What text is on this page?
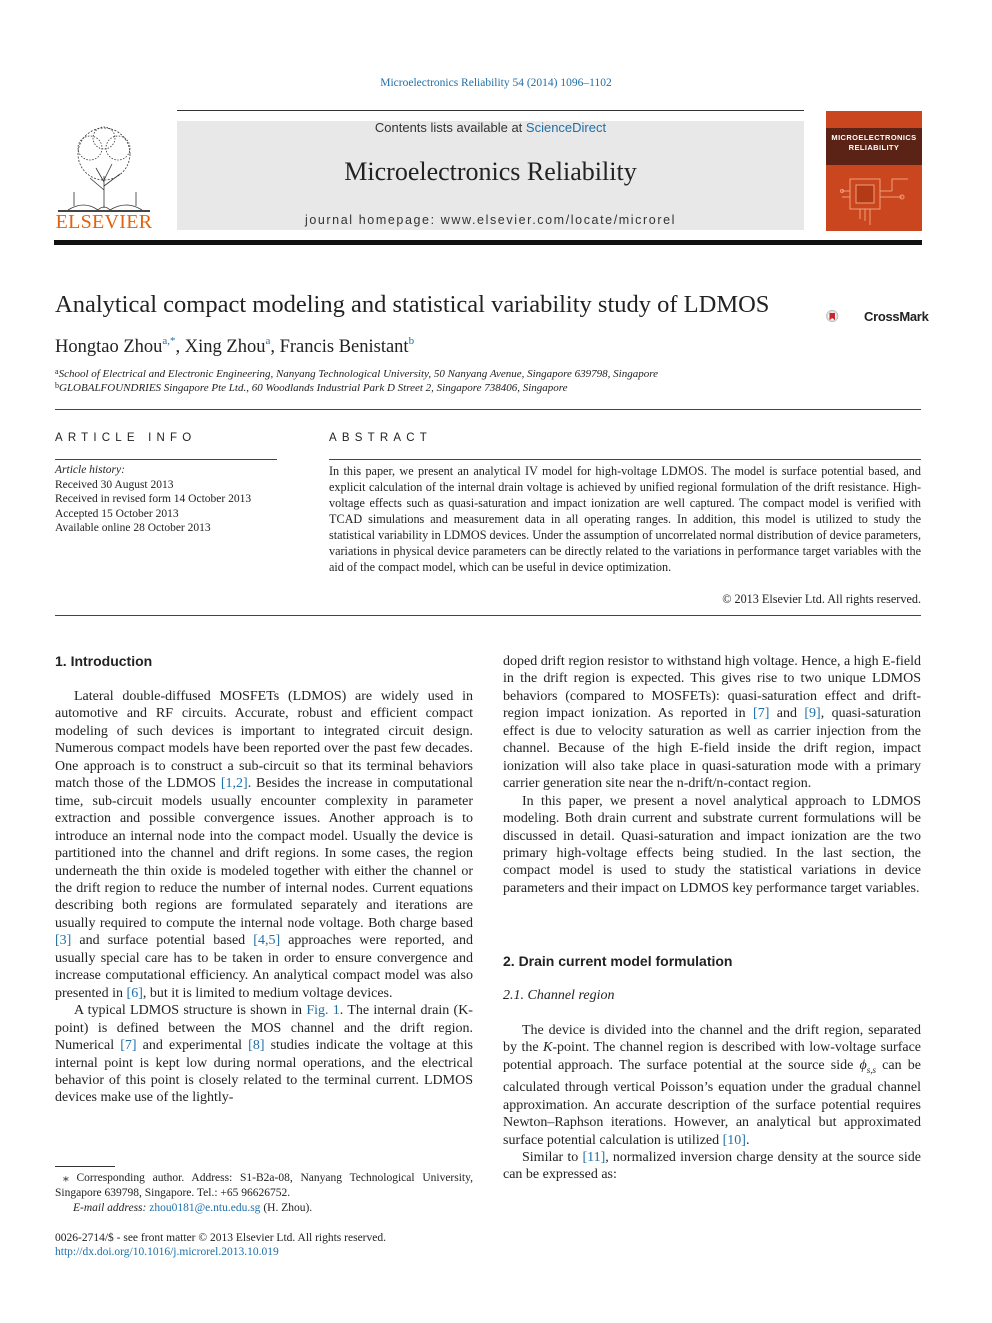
Microelectronics Reliability 54 (2014) 1096–1102
ELSEVIER
Contents lists available at ScienceDirect
Microelectronics Reliability
journal homepage: www.elsevier.com/locate/microrel
MICROELECTRONICS
RELIABILITY
Analytical compact modeling and statistical variability study of LDMOS	CrossMark
Hongtao Zhou$^{a,*}$, Xing Zhou$^a$, Francis Benistant$^b$
$^a$School of Electrical and Electronic Engineering, Nanyang Technological University, 50 Nanyang Avenue, Singapore 639798, Singapore
$^b$GLOBALFOUNDRIES Singapore Pte Ltd., 60 Woodlands Industrial Park D Street 2, Singapore 738406, Singapore
ARTICLE INFO
Article history:
Received 30 August 2013
Received in revised form 14 October 2013
Accepted 15 October 2013
Available online 28 October 2013
ABSTRACT
In this paper, we present an analytical IV model for high-voltage LDMOS. The model is surface potential based, and explicit calculation of the internal drain voltage is achieved by unified regional formulation of the drift resistance. High-voltage effects such as quasi-saturation and impact ionization are well captured. The compact model is verified with TCAD simulations and measurement data in all operating ranges. In addition, this model is utilized to study the statistical variability in LDMOS devices. Under the assumption of uncorrelated normal distribution of device parameters, variations in physical device parameters can be directly related to the variations in performance target variables with the aid of the compact model, which can be useful in device optimization.
© 2013 Elsevier Ltd. All rights reserved.
1. Introduction

Lateral double-diffused MOSFETs (LDMOS) are widely used in automotive and RF circuits. Accurate, robust and efficient compact modeling of such devices is important to integrated circuit design. Numerous compact models have been reported over the past few decades. One approach is to construct a sub-circuit so that its terminal behaviors match those of the LDMOS [1,2]. Besides the increase in computational time, sub-circuit models usually encounter complexity in parameter extraction and possible convergence issues. Another approach is to introduce an internal node into the compact model. Usually the device is partitioned into the channel and drift regions. In some cases, the region underneath the thin oxide is modeled together with either the channel or the drift region to reduce the number of internal nodes. Current equations describing both regions are formulated separately and iterations are usually required to compute the internal node voltage. Both charge based [3] and surface potential based [4,5] approaches were reported, and usually special care has to be taken in order to ensure convergence and increase computational efficiency. An analytical compact model was also presented in [6], but it is limited to medium voltage devices.

A typical LDMOS structure is shown in Fig. 1. The internal drain (K-point) is defined between the MOS channel and the drift region. Numerical [7] and experimental [8] studies indicate the voltage at this internal point is kept low during normal operations, and the electrical behavior of this point is closely related to the terminal current. LDMOS devices make use of the lightly-

doped drift region resistor to withstand high voltage. Hence, a high E-field in the drift region is expected. This gives rise to two unique LDMOS behaviors (compared to MOSFETs): quasi-saturation effect and drift-region impact ionization. As reported in [7] and [9], quasi-saturation effect is due to velocity saturation as well as carrier injection from the channel. Because of the high E-field inside the drift region, impact ionization will also take place in quasi-saturation mode with a primary carrier generation site near the n-drift/n-contact region.

In this paper, we present a novel analytical approach to LDMOS modeling. Both drain current and substrate current formulations will be discussed in detail. Quasi-saturation and impact ionization are the two primary high-voltage effects being studied. In the last section, the compact model is used to study the statistical variations in device parameters and their impact on LDMOS key performance target variables.

2. Drain current model formulation
2.1. Channel region

The device is divided into the channel and the drift region, separated by the K-point. The channel region is described with low-voltage surface potential approach. The surface potential at the source side $\phi_{s,s}$ can be calculated through vertical Poisson’s equation under the gradual channel approximation. An accurate description of the surface potential requires Newton–Raphson iterations. However, an analytical but approximated surface potential calculation is utilized [10].

Similar to [11], normalized inversion charge density at the source side can be expressed as:

⁎ Corresponding author. Address: S1-B2a-08, Nanyang Technological University, Singapore 639798, Singapore. Tel.: +65 96626752.
E-mail address: zhou0181@e.ntu.edu.sg (H. Zhou).
0026-2714/$ - see front matter © 2013 Elsevier Ltd. All rights reserved.
http://dx.doi.org/10.1016/j.microrel.2013.10.019
